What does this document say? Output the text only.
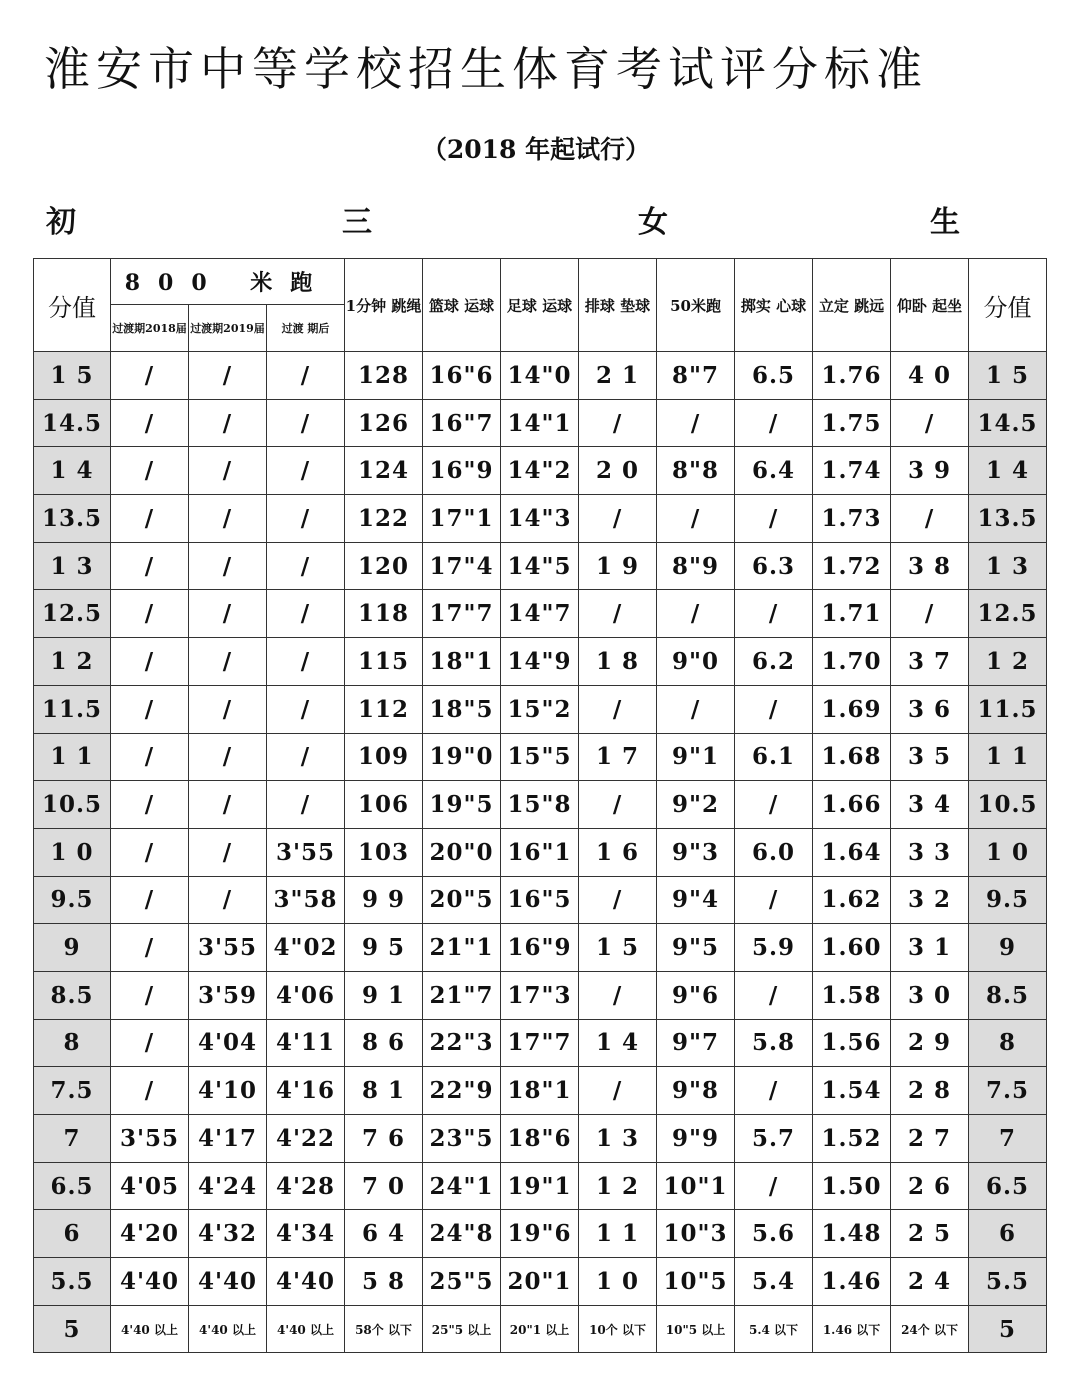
淮安市中等学校招生体育考试评分标准
（2018 年起试行）
初	三	女	生
分值	800 米跑			1分钟 跳绳	篮球 运球	足球 运球	排球 垫球	50米跑	掷实 心球	立定 跳远	仰卧 起坐	分值
	过渡期2018届	过渡期2019届	过渡 期后									
1 5	/	/	/	128	16"6	14"0	2 1	8"7	6.5	1.76	4 0	1 5
14.5	/	/	/	126	16"7	14"1	/	/	/	1.75	/	14.5
1 4	/	/	/	124	16"9	14"2	2 0	8"8	6.4	1.74	3 9	1 4
13.5	/	/	/	122	17"1	14"3	/	/	/	1.73	/	13.5
1 3	/	/	/	120	17"4	14"5	1 9	8"9	6.3	1.72	3 8	1 3
12.5	/	/	/	118	17"7	14"7	/	/	/	1.71	/	12.5
1 2	/	/	/	115	18"1	14"9	1 8	9"0	6.2	1.70	3 7	1 2
11.5	/	/	/	112	18"5	15"2	/	/	/	1.69	3 6	11.5
1 1	/	/	/	109	19"0	15"5	1 7	9"1	6.1	1.68	3 5	1 1
10.5	/	/	/	106	19"5	15"8	/	9"2	/	1.66	3 4	10.5
1 0	/	/	3'55	103	20"0	16"1	1 6	9"3	6.0	1.64	3 3	1 0
9.5	/	/	3"58	9 9	20"5	16"5	/	9"4	/	1.62	3 2	9.5
9	/	3'55	4"02	9 5	21"1	16"9	1 5	9"5	5.9	1.60	3 1	9
8.5	/	3'59	4'06	9 1	21"7	17"3	/	9"6	/	1.58	3 0	8.5
8	/	4'04	4'11	8 6	22"3	17"7	1 4	9"7	5.8	1.56	2 9	8
7.5	/	4'10	4'16	8 1	22"9	18"1	/	9"8	/	1.54	2 8	7.5
7	3'55	4'17	4'22	7 6	23"5	18"6	1 3	9"9	5.7	1.52	2 7	7
6.5	4'05	4'24	4'28	7 0	24"1	19"1	1 2	10"1	/	1.50	2 6	6.5
6	4'20	4'32	4'34	6 4	24"8	19"6	1 1	10"3	5.6	1.48	2 5	6
5.5	4'40	4'40	4'40	5 8	25"5	20"1	1 0	10"5	5.4	1.46	2 4	5.5
5	4'40 以上	4'40 以上	4'40 以上	58个 以下	25"5 以上	20"1 以上	10个 以下	10"5 以上	5.4 以下	1.46 以下	24个 以下	5
